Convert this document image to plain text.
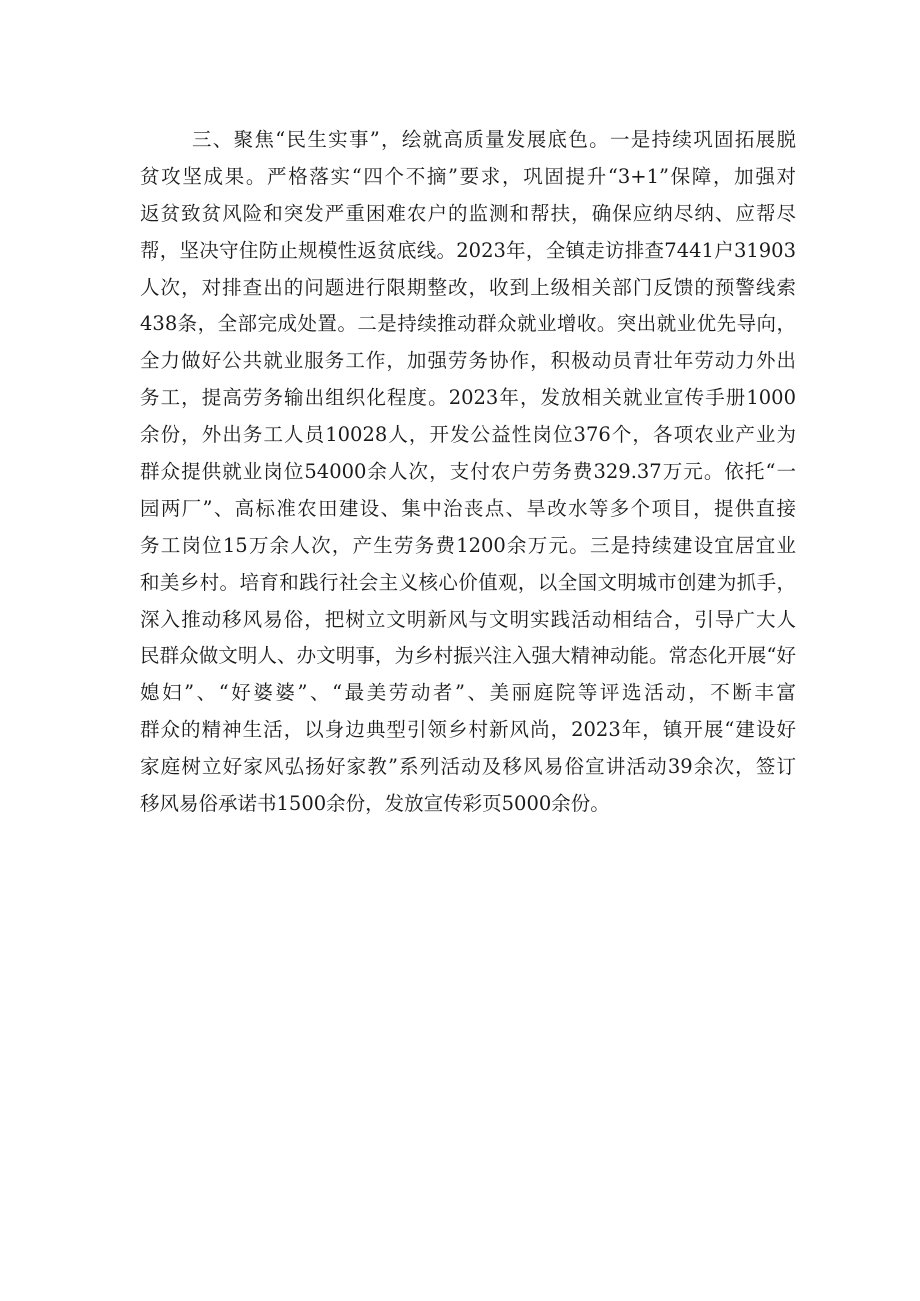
三、聚焦“民生实事”，绘就高质量发展底色。一是持续巩固拓展脱
贫攻坚成果。严格落实“四个不摘”要求，巩固提升“3+1”保障，加强对
返贫致贫风险和突发严重困难农户的监测和帮扶，确保应纳尽纳、应帮尽
帮，坚决守住防止规模性返贫底线。2023年，全镇走访排查7441户31903
人次，对排查出的问题进行限期整改，收到上级相关部门反馈的预警线索
438条，全部完成处置。二是持续推动群众就业增收。突出就业优先导向，
全力做好公共就业服务工作，加强劳务协作，积极动员青壮年劳动力外出
务工，提高劳务输出组织化程度。2023年，发放相关就业宣传手册1000
余份，外出务工人员10028人，开发公益性岗位376个，各项农业产业为
群众提供就业岗位54000余人次，支付农户劳务费329.37万元。依托“一
园两厂”、高标准农田建设、集中治丧点、旱改水等多个项目，提供直接
务工岗位15万余人次，产生劳务费1200余万元。三是持续建设宜居宜业
和美乡村。培育和践行社会主义核心价值观，以全国文明城市创建为抓手，
深入推动移风易俗，把树立文明新风与文明实践活动相结合，引导广大人
民群众做文明人、办文明事，为乡村振兴注入强大精神动能。常态化开展“好
媳妇”、“好婆婆”、“最美劳动者”、美丽庭院等评选活动，不断丰富
群众的精神生活，以身边典型引领乡村新风尚，2023年，镇开展“建设好
家庭树立好家风弘扬好家教”系列活动及移风易俗宣讲活动39余次，签订
移风易俗承诺书1500余份，发放宣传彩页5000余份。
